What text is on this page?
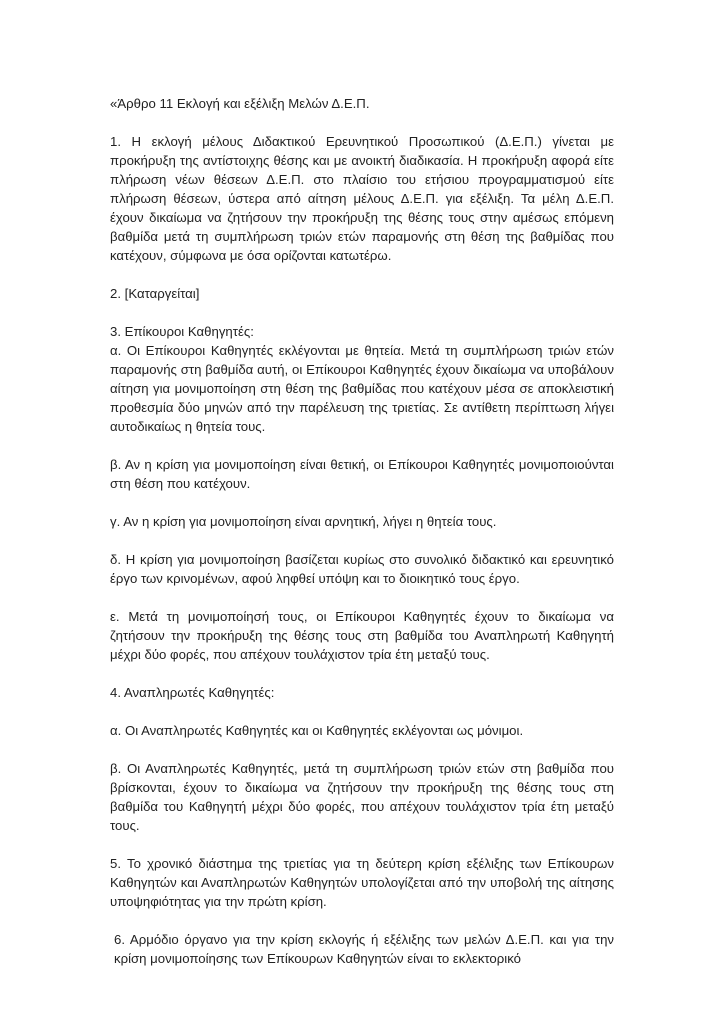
«Άρθρο 11 Εκλογή και εξέλιξη Μελών Δ.Ε.Π.

1. Η εκλογή μέλους Διδακτικού Ερευνητικού Προσωπικού (Δ.Ε.Π.) γίνεται με προκήρυξη της αντίστοιχης θέσης και με ανοικτή διαδικασία. Η προκήρυξη αφορά είτε πλήρωση νέων θέσεων Δ.Ε.Π. στο πλαίσιο του ετήσιου προγραμματισμού είτε πλήρωση θέσεων, ύστερα από αίτηση μέλους Δ.Ε.Π. για εξέλιξη. Τα μέλη Δ.Ε.Π. έχουν δικαίωμα να ζητήσουν την προκήρυξη της θέσης τους στην αμέσως επόμενη βαθμίδα μετά τη συμπλήρωση τριών ετών παραμονής στη θέση της βαθμίδας που κατέχουν, σύμφωνα με όσα ορίζονται κατωτέρω.

2. [Καταργείται]

3. Επίκουροι Καθηγητές:

α. Οι Επίκουροι Καθηγητές εκλέγονται με θητεία. Μετά τη συμπλήρωση τριών ετών παραμονής στη βαθμίδα αυτή, οι Επίκουροι Καθηγητές έχουν δικαίωμα να υποβάλουν αίτηση για μονιμοποίηση στη θέση της βαθμίδας που κατέχουν μέσα σε αποκλειστική προθεσμία δύο μηνών από την παρέλευση της τριετίας. Σε αντίθετη περίπτωση λήγει αυτοδικαίως η θητεία τους.

β. Αν η κρίση για μονιμοποίηση είναι θετική, οι Επίκουροι Καθηγητές μονιμοποιούνται στη θέση που κατέχουν.

γ. Αν η κρίση για μονιμοποίηση είναι αρνητική, λήγει η θητεία τους.

δ. Η κρίση για μονιμοποίηση βασίζεται κυρίως στο συνολικό διδακτικό και ερευνητικό έργο των κρινομένων, αφού ληφθεί υπόψη και το διοικητικό τους έργο.

ε. Μετά τη μονιμοποίησή τους, οι Επίκουροι Καθηγητές έχουν το δικαίωμα να ζητήσουν την προκήρυξη της θέσης τους στη βαθμίδα του Αναπληρωτή Καθηγητή μέχρι δύο φορές, που απέχουν τουλάχιστον τρία έτη μεταξύ τους.

4. Αναπληρωτές Καθηγητές:

α. Οι Αναπληρωτές Καθηγητές και οι Καθηγητές εκλέγονται ως μόνιμοι.

β. Οι Αναπληρωτές Καθηγητές, μετά τη συμπλήρωση τριών ετών στη βαθμίδα που βρίσκονται, έχουν το δικαίωμα να ζητήσουν την προκήρυξη της θέσης τους στη βαθμίδα του Καθηγητή μέχρι δύο φορές, που απέχουν τουλάχιστον τρία έτη μεταξύ τους.

5. Το χρονικό διάστημα της τριετίας για τη δεύτερη κρίση εξέλιξης των Επίκουρων Καθηγητών και Αναπληρωτών Καθηγητών υπολογίζεται από την υποβολή της αίτησης υποψηφιότητας για την πρώτη κρίση.

6. Αρμόδιο όργανο για την κρίση εκλογής ή εξέλιξης των μελών Δ.Ε.Π. και για την κρίση μονιμοποίησης των Επίκουρων Καθηγητών είναι το εκλεκτορικό
